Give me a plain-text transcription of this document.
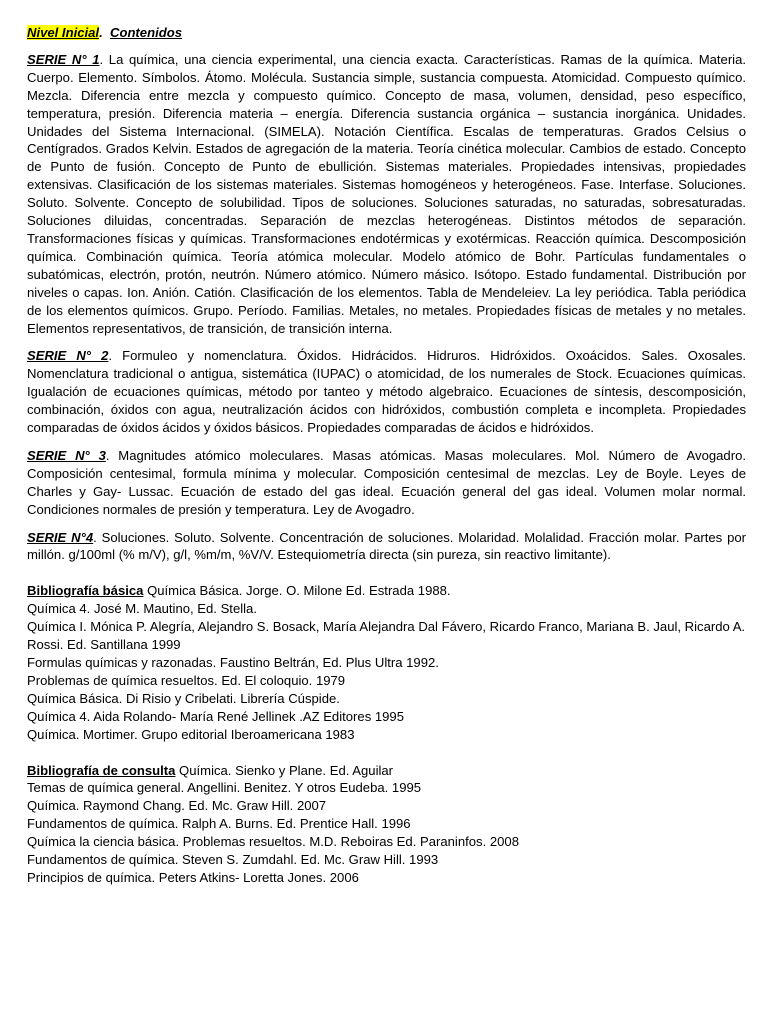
Nivel Inicial. Contenidos

SERIE N° 1. La química, una ciencia experimental, una ciencia exacta. Características. Ramas de la química. Materia. Cuerpo. Elemento. Símbolos. Átomo. Molécula. Sustancia simple, sustancia compuesta. Atomicidad. Compuesto químico. Mezcla. Diferencia entre mezcla y compuesto químico. Concepto de masa, volumen, densidad, peso específico, temperatura, presión. Diferencia materia – energía. Diferencia sustancia orgánica – sustancia inorgánica. Unidades. Unidades del Sistema Internacional. (SIMELA). Notación Científica. Escalas de temperaturas. Grados Celsius o Centígrados. Grados Kelvin. Estados de agregación de la materia. Teoría cinética molecular. Cambios de estado. Concepto de Punto de fusión. Concepto de Punto de ebullición. Sistemas materiales. Propiedades intensivas, propiedades extensivas. Clasificación de los sistemas materiales. Sistemas homogéneos y heterogéneos. Fase. Interfase. Soluciones. Soluto. Solvente. Concepto de solubilidad. Tipos de soluciones. Soluciones saturadas, no saturadas, sobresaturadas. Soluciones diluidas, concentradas. Separación de mezclas heterogéneas. Distintos métodos de separación. Transformaciones físicas y químicas. Transformaciones endotérmicas y exotérmicas. Reacción química. Descomposición química. Combinación química. Teoría atómica molecular. Modelo atómico de Bohr. Partículas fundamentales o subatómicas, electrón, protón, neutrón. Número atómico. Número másico. Isótopo. Estado fundamental. Distribución por niveles o capas. Ion. Anión. Catión. Clasificación de los elementos. Tabla de Mendeleiev. La ley periódica. Tabla periódica de los elementos químicos. Grupo. Período. Familias. Metales, no metales. Propiedades físicas de metales y no metales. Elementos representativos, de transición, de transición interna.

SERIE N° 2. Formuleo y nomenclatura. Óxidos. Hidrácidos. Hidruros. Hidróxidos. Oxoácidos. Sales. Oxosales. Nomenclatura tradicional o antigua, sistemática (IUPAC) o atomicidad, de los numerales de Stock. Ecuaciones químicas. Igualación de ecuaciones químicas, método por tanteo y método algebraico. Ecuaciones de síntesis, descomposición, combinación, óxidos con agua, neutralización ácidos con hidróxidos, combustión completa e incompleta. Propiedades comparadas de óxidos ácidos y óxidos básicos. Propiedades comparadas de ácidos e hidróxidos.

SERIE N° 3. Magnitudes atómico moleculares. Masas atómicas. Masas moleculares. Mol. Número de Avogadro. Composición centesimal, formula mínima y molecular. Composición centesimal de mezclas. Ley de Boyle. Leyes de Charles y Gay- Lussac. Ecuación de estado del gas ideal. Ecuación general del gas ideal. Volumen molar normal. Condiciones normales de presión y temperatura. Ley de Avogadro.

SERIE N°4. Soluciones. Soluto. Solvente. Concentración de soluciones. Molaridad. Molalidad. Fracción molar. Partes por millón. g/100ml (% m/V), g/l, %m/m, %V/V. Estequiometría directa (sin pureza, sin reactivo limitante).

Bibliografía básica Química Básica. Jorge. O. Milone Ed. Estrada 1988.
Química 4. José M. Mautino, Ed. Stella.
Química I. Mónica P. Alegría, Alejandro S. Bosack, María Alejandra Dal Fávero, Ricardo Franco, Mariana B. Jaul, Ricardo A. Rossi. Ed. Santillana 1999
Formulas químicas y razonadas. Faustino Beltrán, Ed. Plus Ultra 1992.
Problemas de química resueltos. Ed. El coloquio. 1979
Química Básica. Di Risio y Cribelati. Librería Cúspide.
Química 4. Aida Rolando- María René Jellinek .AZ Editores 1995
Química. Mortimer. Grupo editorial Iberoamericana 1983
Bibliografía de consulta Química. Sienko y Plane. Ed. Aguilar
Temas de química general. Angellini. Benitez. Y otros Eudeba. 1995
Química. Raymond Chang. Ed. Mc. Graw Hill. 2007
Fundamentos de química. Ralph A. Burns. Ed. Prentice Hall. 1996
Química la ciencia básica. Problemas resueltos. M.D. Reboiras Ed. Paraninfos. 2008
Fundamentos de química. Steven S. Zumdahl. Ed. Mc. Graw Hill. 1993
Principios de química. Peters Atkins- Loretta Jones. 2006
